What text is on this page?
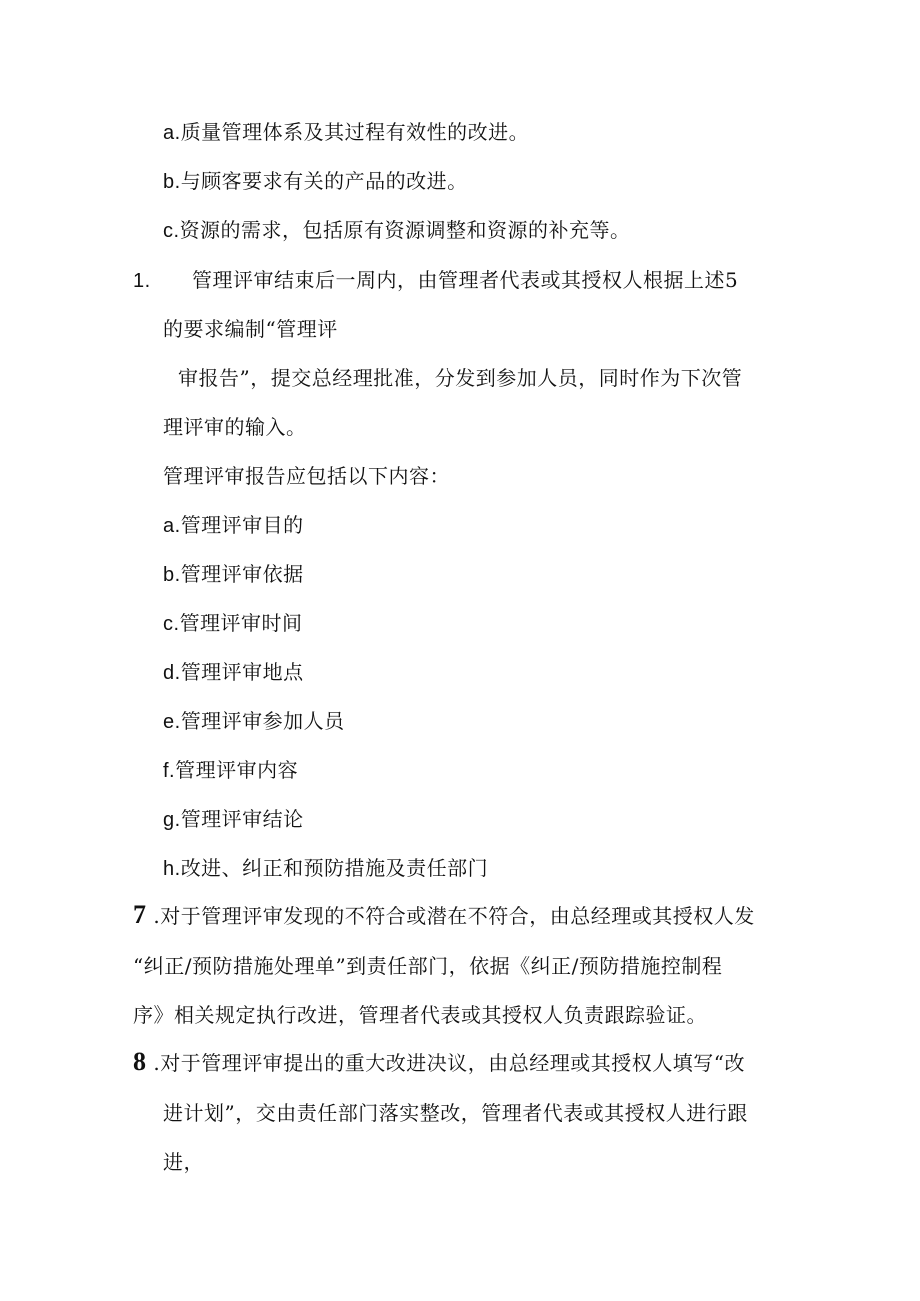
a.质量管理体系及其过程有效性的改进。
b.与顾客要求有关的产品的改进。
c.资源的需求，包括原有资源调整和资源的补充等。
1. 管理评审结束后一周内，由管理者代表或其授权人根据上述5
的要求编制“管理评
审报告”，提交总经理批准，分发到参加人员，同时作为下次管
理评审的输入。
管理评审报告应包括以下内容：
a.管理评审目的
b.管理评审依据
c.管理评审时间
d.管理评审地点
e.管理评审参加人员
f.管理评审内容
g.管理评审结论
h.改进、纠正和预防措施及责任部门
7 .对于管理评审发现的不符合或潜在不符合，由总经理或其授权人发
“纠正/预防措施处理单”到责任部门，依据《纠正/预防措施控制程
序》相关规定执行改进，管理者代表或其授权人负责跟踪验证。
8 .对于管理评审提出的重大改进决议，由总经理或其授权人填写“改
进计划”，交由责任部门落实整改，管理者代表或其授权人进行跟
进，
